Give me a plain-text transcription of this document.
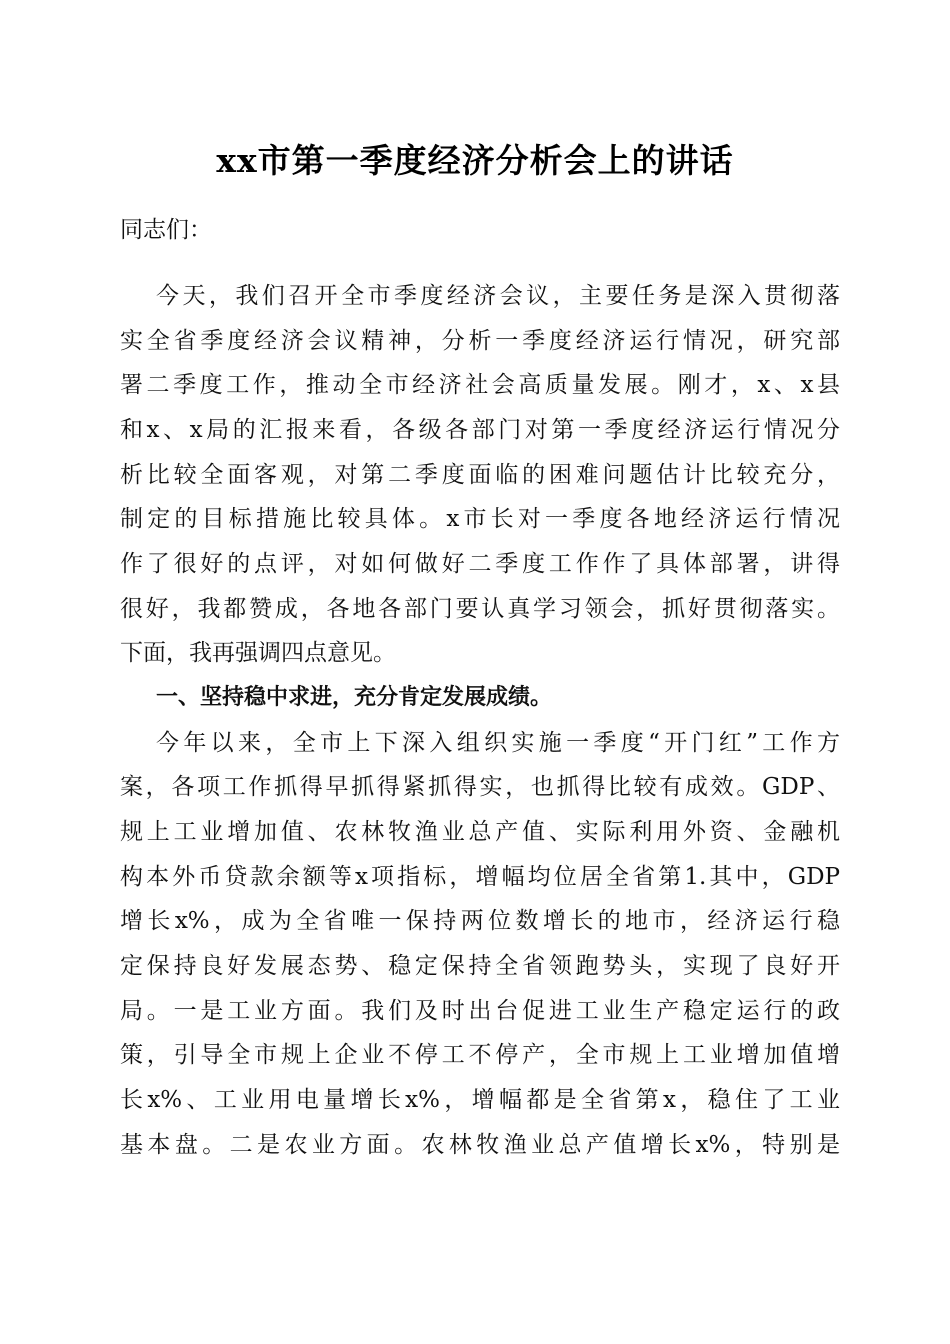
xx市第一季度经济分析会上的讲话
同志们：
今天，我们召开全市季度经济会议，主要任务是深入贯彻落
实全省季度经济会议精神，分析一季度经济运行情况，研究部
署二季度工作，推动全市经济社会高质量发展。刚才，x、x县
和x、x局的汇报来看，各级各部门对第一季度经济运行情况分
析比较全面客观，对第二季度面临的困难问题估计比较充分，
制定的目标措施比较具体。x市长对一季度各地经济运行情况
作了很好的点评，对如何做好二季度工作作了具体部署，讲得
很好，我都赞成，各地各部门要认真学习领会，抓好贯彻落实。
下面，我再强调四点意见。
一、坚持稳中求进，充分肯定发展成绩。
今年以来，全市上下深入组织实施一季度“开门红”工作方
案，各项工作抓得早抓得紧抓得实，也抓得比较有成效。GDP、
规上工业增加值、农林牧渔业总产值、实际利用外资、金融机
构本外币贷款余额等x项指标，增幅均位居全省第1.其中，GDP
增长x%，成为全省唯一保持两位数增长的地市，经济运行稳
定保持良好发展态势、稳定保持全省领跑势头，实现了良好开
局。一是工业方面。我们及时出台促进工业生产稳定运行的政
策，引导全市规上企业不停工不停产，全市规上工业增加值增
长x%、工业用电量增长x%，增幅都是全省第x，稳住了工业
基本盘。二是农业方面。农林牧渔业总产值增长x%，特别是
